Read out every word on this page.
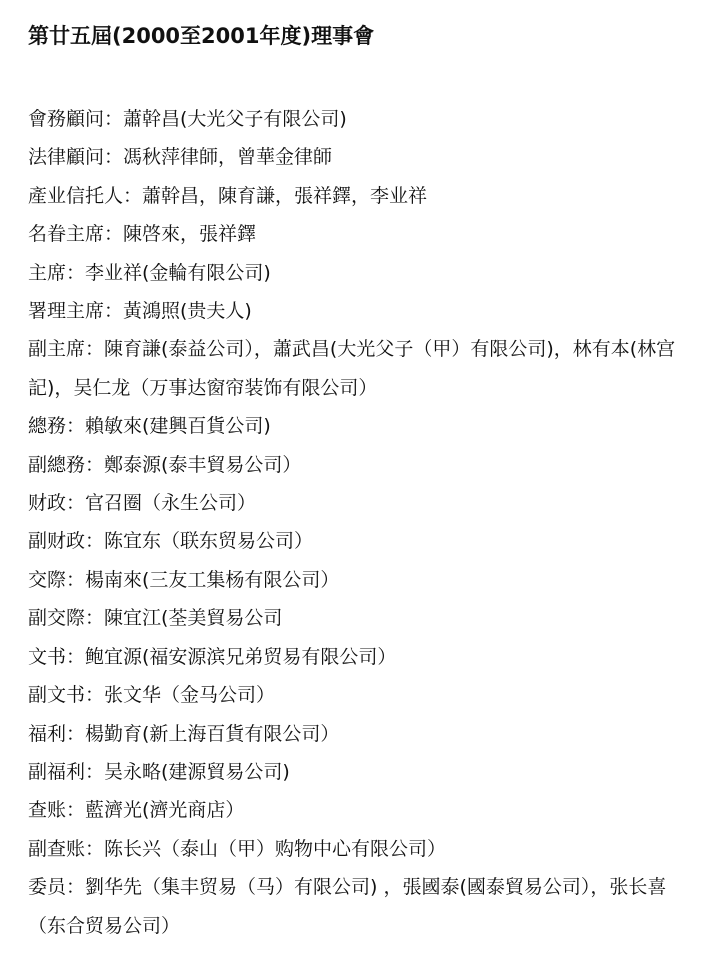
第廿五屆(2000至2001年度)理事會
會務顧问：蕭幹昌(大光父子有限公司)
法律顧问：馮秋萍律師，曾華金律師
產业信托人：蕭幹昌，陳育謙，張祥鐸，李业祥
名眷主席：陳啓來，張祥鐸
主席：李业祥(金輪有限公司)
署理主席：黃鴻照(贵夫人)
副主席：陳育謙(泰益公司），蕭武昌(大光父子（甲）有限公司)，林有本(林宫記)，吴仁龙（万事达窗帘装饰有限公司）
總務：賴敏來(建興百貨公司)
副總務：鄭泰源(泰丰貿易公司）
财政：官召圈（永生公司）
副财政：陈宜东（联东贸易公司）
交際：楊南來(三友工集杨有限公司）
副交際：陳宜江(荃美貿易公司
文书：鲍宜源(福安源滨兄弟贸易有限公司）
副文书：张文华（金马公司）
福利：楊勤育(新上海百貨有限公司）
副福利：吴永略(建源貿易公司)
查账：藍濟光(濟光商店）
副查账：陈长兴（泰山（甲）购物中心有限公司）
委员：劉华先（集丰贸易（马）有限公司) ，張國泰(國泰貿易公司），张长喜（东合贸易公司）
